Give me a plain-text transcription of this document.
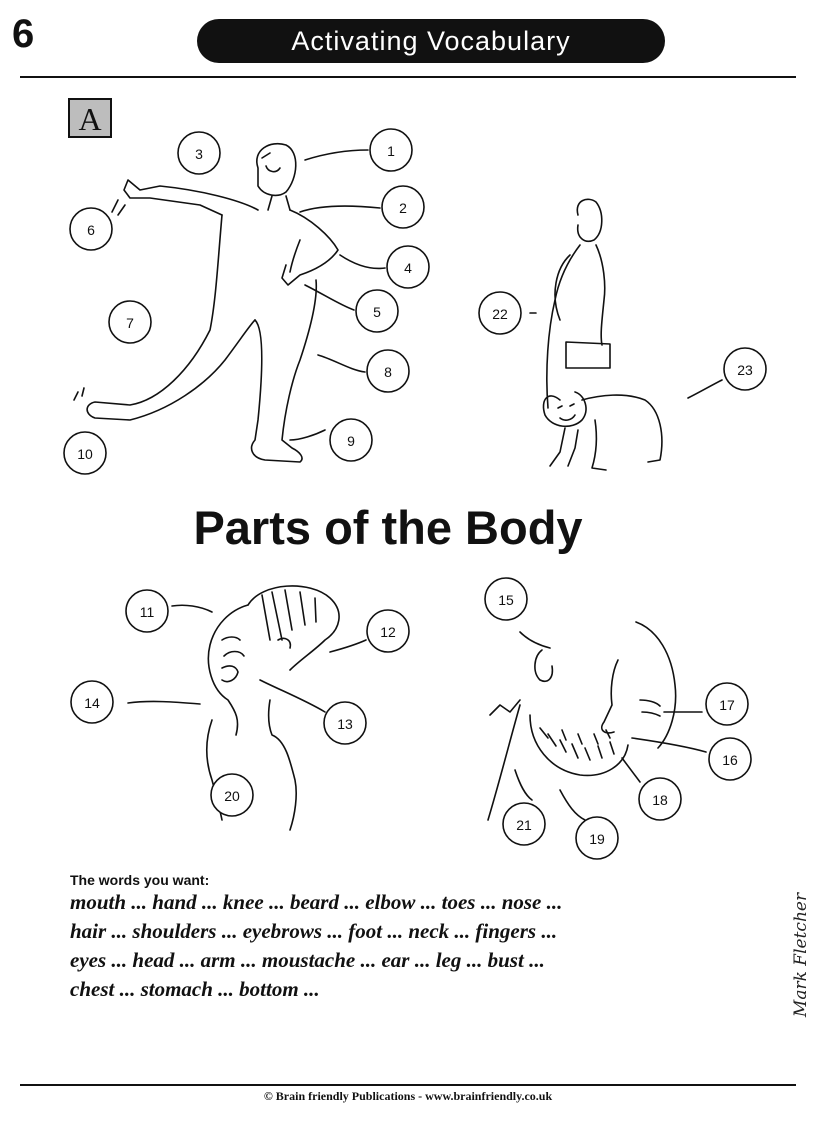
6	Activating Vocabulary
A
3	1
2
6
4
5
7
8
9
10
22
23
11
12
14
13
20
15
17
16
18
21
19
Parts of the Body
The words you want:
mouth ... hand ... knee ... beard ... elbow ... toes ... nose ...
hair ... shoulders ... eyebrows ... foot ... neck ... fingers ...
eyes ... head ... arm ... moustache ... ear ... leg ... bust ...
chest ... stomach ... bottom ...	Mark Fletcher
© Brain friendly Publications - www.brainfriendly.co.uk
